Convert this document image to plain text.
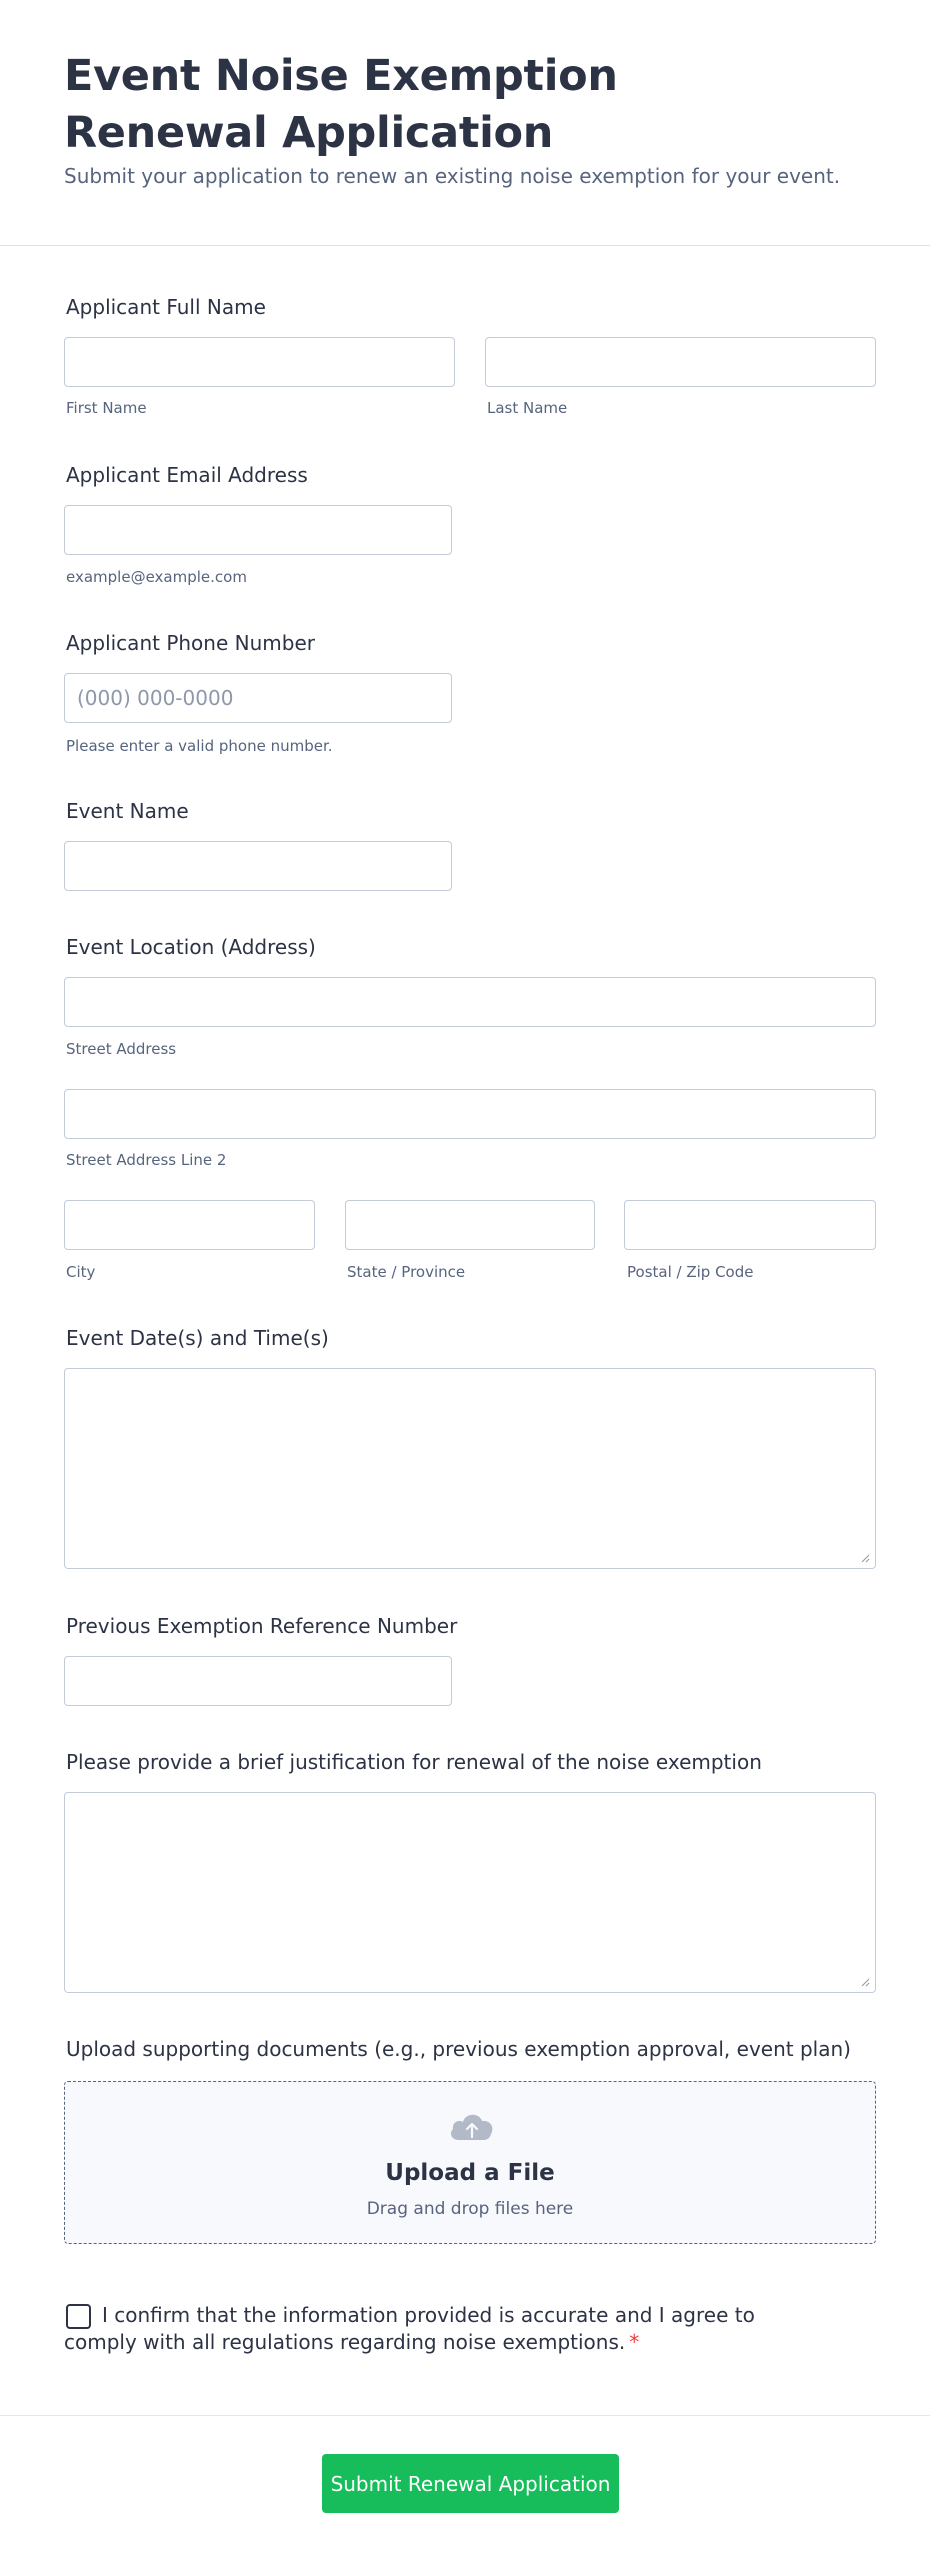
Event Noise Exemption Renewal Application

Submit your application to renew an existing noise exemption for your event.

Applicant Full Name
First Name	Last Name
Applicant Email Address
example@example.com
Applicant Phone Number
(000) 000-0000
Please enter a valid phone number.
Event Name
Event Location (Address)
Street Address
Street Address Line 2
City	State / Province	Postal / Zip Code
Event Date(s) and Time(s)
Previous Exemption Reference Number
Please provide a brief justification for renewal of the noise exemption
Upload supporting documents (e.g., previous exemption approval, event plan)
Upload a File
Drag and drop files here
I confirm that the information provided is accurate and I agree to comply with all regulations regarding noise exemptions. *
Submit Renewal Application
